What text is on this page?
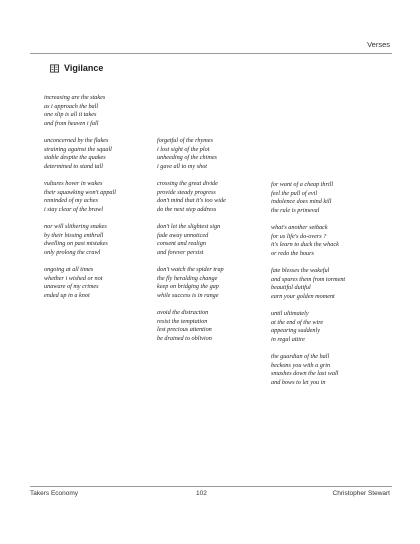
Verses
Vigilance
increasing are the stakes
as i approach the ball
one slip is all it takes
and from heaven i fall
unconcerned by the flakes
straining against the squall
stable despite the quakes
determined to stand tall
vultures hover in wakes
their squawking won't appall
reminded of my aches
i stay clear of the brawl
nor will slithering snakes
by their hissing enthrall
dwelling on past mistakes
only prolong the crawl
ongoing at all times
whether i wished or not
unaware of my crimes
ended up in a knot
forgetful of the rhymes
i lost sight of the plot
unheeding of the chimes
i gave all to my shot
crossing the great divide
provide steady progress
don't mind that it's too wide
do the next step address
don't let the slightest sign
fade away unnoticed
consent and realign
and forever persist
don't watch the spider trap
the fly heralding change
keep on bridging the gap
while success is in range
avoid the distraction
resist the temptation
lest precious attention
be drained to oblivion
for want of a cheap thrill
feel the pull of evil
indolence does mind kill
the rule is primeval
what's another setback
for us life's do-overs ?
it's learn to duck the whack
or redo the hours
fate blesses the wakeful
and spares them from torment
beautiful dutiful
earn your golden moment
until ultimately
at the end of the wire
appearing suddenly
in regal attire
the guardian of the hall
beckons you with a grin
smashes down the last wall
and bows to let you in
Takers Economy	102	Christopher Stewart
